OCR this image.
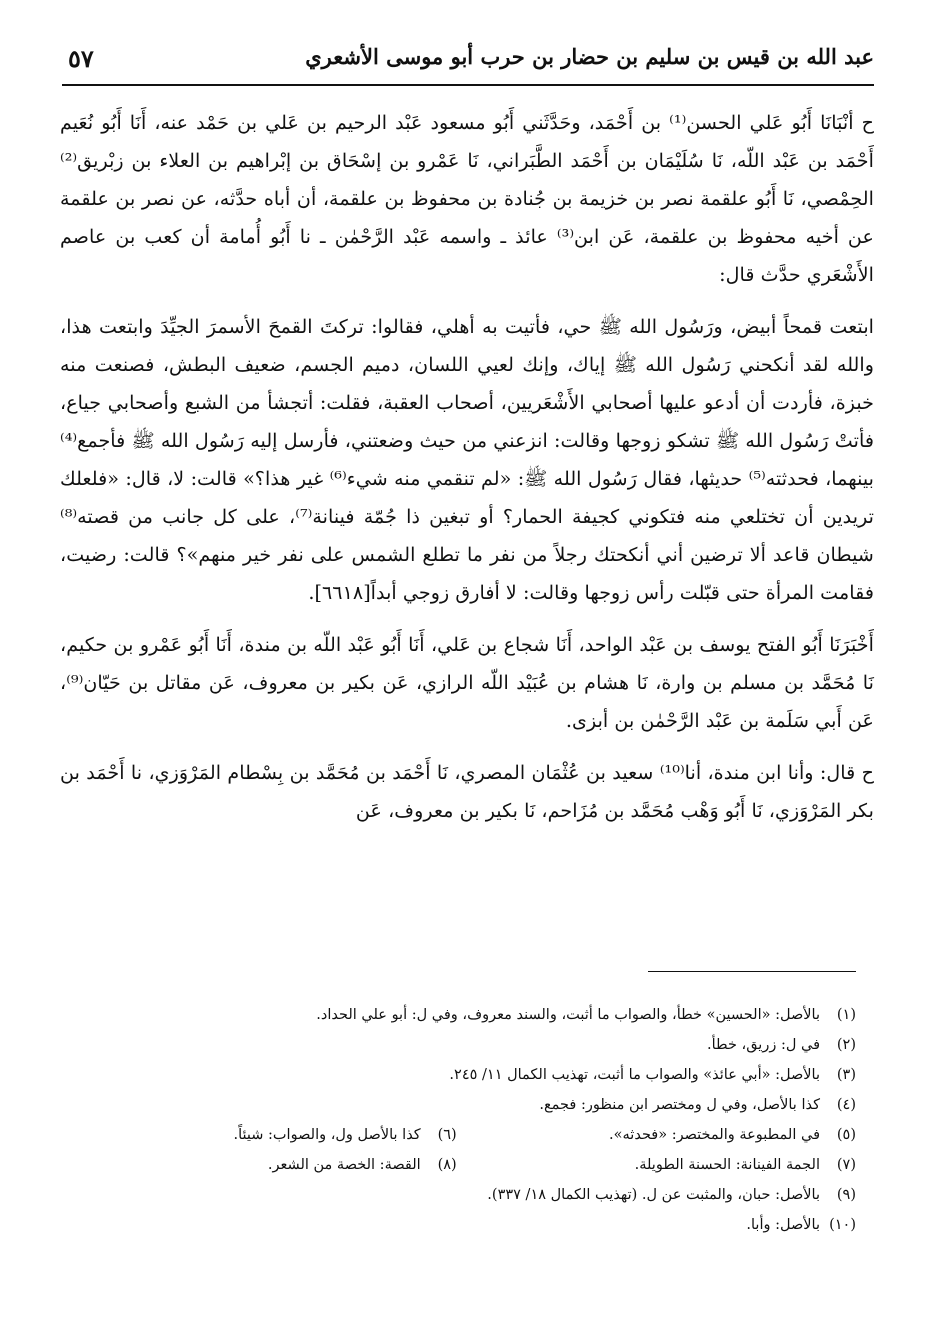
عبد الله بن قيس بن سليم بن حضار بن حرب أبو موسى الأشعري
٥٧

ح أنْبَانَا أَبُو عَلي الحسن⁽¹⁾ بن أَحْمَد، وحَدَّثَني أَبُو مسعود عَبْد الرحيم بن عَلي بن حَمْد عنه، أَنَا أَبُو نُعَيم أَحْمَد بن عَبْد اللّه، نَا سُلَيْمَان بن أَحْمَد الطَّبَراني، نَا عَمْرو بن إسْحَاق بن إبْراهيم بن العلاء بن زبْريق⁽²⁾ الحِمْصي، نَا أَبُو علقمة نصر بن خزيمة بن جُنادة بن محفوظ بن علقمة، أن أباه حدَّثه، عن نصر بن علقمة عن أخيه محفوظ بن علقمة، عَن ابن⁽³⁾ عائذ ـ واسمه عَبْد الرَّحْمٰن ـ نا أَبُو أُمامة أن كعب بن عاصم الأَشْعَري حدَّث قال:

ابتعت قمحاً أبيض، ورَسُول الله ﷺ حي، فأتيت به أهلي، فقالوا: تركتَ القمحَ الأسمرَ الجيِّدَ وابتعت هذا، والله لقد أنكحني رَسُول الله ﷺ إياك، وإنك لعيي اللسان، دميم الجسم، ضعيف البطش، فصنعت منه خبزة، فأردت أن أدعو عليها أصحابي الأَشْعَريين، أصحاب العقبة، فقلت: أتجشأ من الشبع وأصحابي جياع، فأتتْ رَسُول الله ﷺ تشكو زوجها وقالت: انزعني من حيث وضعتني، فأرسل إليه رَسُول الله ﷺ فأجمع⁽⁴⁾ بينهما، فحدثته⁽⁵⁾ حديثها، فقال رَسُول الله ﷺ: «لم تنقمي منه شيء⁽⁶⁾ غير هذا؟» قالت: لا، قال: «فلعلك تريدين أن تختلعي منه فتكوني كجيفة الحمار؟ أو تبغين ذا جُمّة فينانة⁽⁷⁾، على كل جانب من قصته⁽⁸⁾ شيطان قاعد ألا ترضين أني أنكحتك رجلاً من نفر ما تطلع الشمس على نفر خير منهم»؟ قالت: رضيت، فقامت المرأة حتى قبّلت رأس زوجها وقالت: لا أفارق زوجي أبداً[٦٦١٨].

أَخْبَرَنَا أَبُو الفتح يوسف بن عَبْد الواحد، أَنَا شجاع بن عَلي، أَنَا أَبُو عَبْد اللّه بن مندة، أَنَا أَبُو عَمْرو بن حكيم، نَا مُحَمَّد بن مسلم بن وارة، نَا هشام بن عُبَيْد اللّه الرازي، عَن بكير بن معروف، عَن مقاتل بن حَيّان⁽⁹⁾، عَن أَبي سَلَمة بن عَبْد الرَّحْمٰن بن أبزى.

ح قال: وأنا ابن مندة، أنا⁽¹⁰⁾ سعيد بن عُثْمَان المصري، نَا أَحْمَد بن مُحَمَّد بن بِسْطام المَرْوَزي، نا أَحْمَد بن بكر المَرْوَزي، نَا أَبُو وَهْب مُحَمَّد بن مُزَاحم، نَا بكير بن معروف، عَن

(١)بالأصل: «الحسين» خطأ، والصواب ما أثبت، والسند معروف، وفي ل: أبو علي الحداد.
(٢)في ل: زريق، خطأ.
(٣)بالأصل: «أبي عائذ» والصواب ما أثبت، تهذيب الكمال ١١/ ٢٤٥.
(٤)كذا بالأصل، وفي ل ومختصر ابن منظور: فجمع.
(٥)في المطبوعة والمختصر: «فحدثه».
(٦)كذا بالأصل ول، والصواب: شيئاً.
(٧)الجمة الفينانة: الحسنة الطويلة.
(٨)القصة: الخصة من الشعر.
(٩)بالأصل: حبان، والمثبت عن ل. (تهذيب الكمال ١٨/ ٣٣٧).
(١٠)بالأصل: وأبا.
